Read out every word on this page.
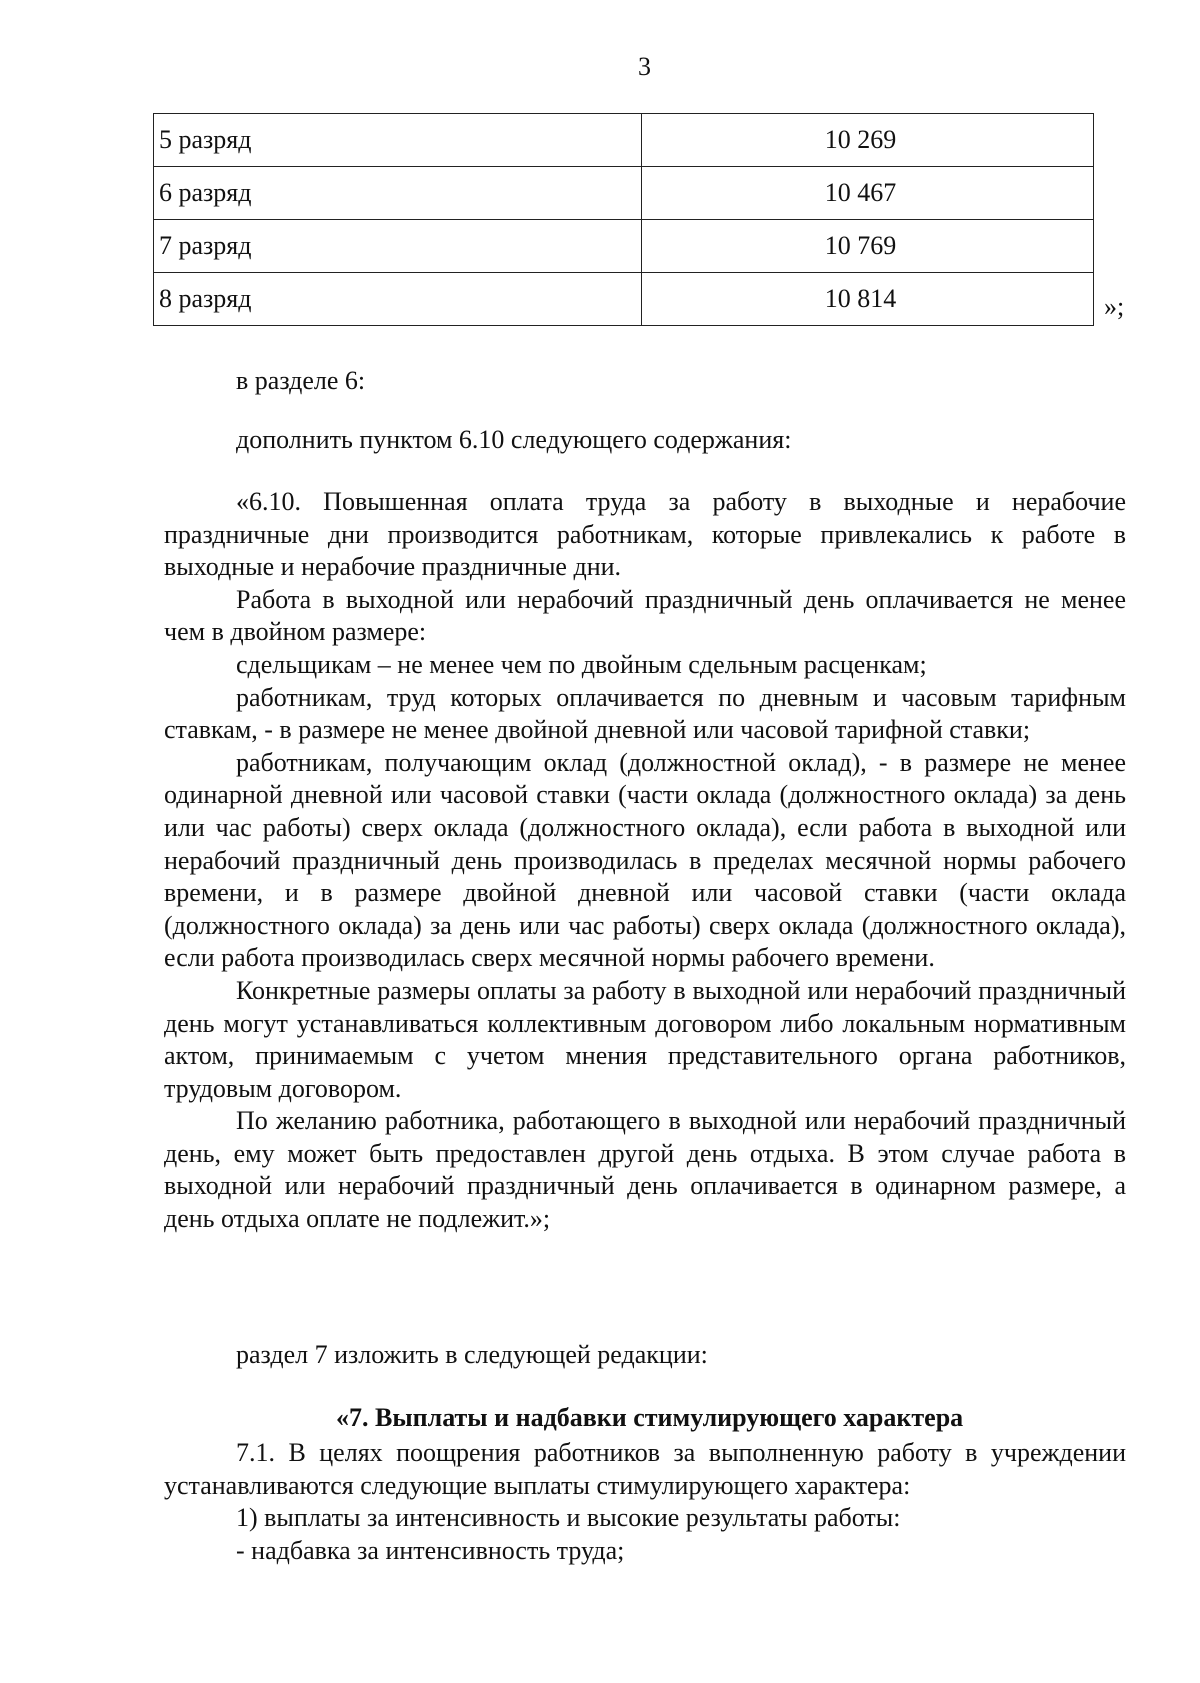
3
5 разряд	10 269
6 разряд	10 467
7 разряд	10 769
8 разряд	10 814	»;
в разделе 6:
дополнить пунктом 6.10 следующего содержания:
«6.10. Повышенная оплата труда за работу в выходные и нерабочие праздничные дни производится работникам, которые привлекались к работе в выходные и нерабочие праздничные дни.
Работа в выходной или нерабочий праздничный день оплачивается не менее чем в двойном размере:
сдельщикам – не менее чем по двойным сдельным расценкам;
работникам, труд которых оплачивается по дневным и часовым тарифным ставкам, - в размере не менее двойной дневной или часовой тарифной ставки;
работникам, получающим оклад (должностной оклад), - в размере не менее одинарной дневной или часовой ставки (части оклада (должностного оклада) за день или час работы) сверх оклада (должностного оклада), если работа в выходной или нерабочий праздничный день производилась в пределах месячной нормы рабочего времени, и в размере двойной дневной или часовой ставки (части оклада (должностного оклада) за день или час работы) сверх оклада (должностного оклада), если работа производилась сверх месячной нормы рабочего времени.
Конкретные размеры оплаты за работу в выходной или нерабочий праздничный день могут устанавливаться коллективным договором либо локальным нормативным актом, принимаемым с учетом мнения представительного органа работников, трудовым договором.
По желанию работника, работающего в выходной или нерабочий праздничный день, ему может быть предоставлен другой день отдыха. В этом случае работа в выходной или нерабочий праздничный день оплачивается в одинарном размере, а день отдыха оплате не подлежит.»;
раздел 7 изложить в следующей редакции:
«7. Выплаты и надбавки стимулирующего характера
7.1. В целях поощрения работников за выполненную работу в учреждении устанавливаются следующие выплаты стимулирующего характера:
1) выплаты за интенсивность и высокие результаты работы:
- надбавка за интенсивность труда;
